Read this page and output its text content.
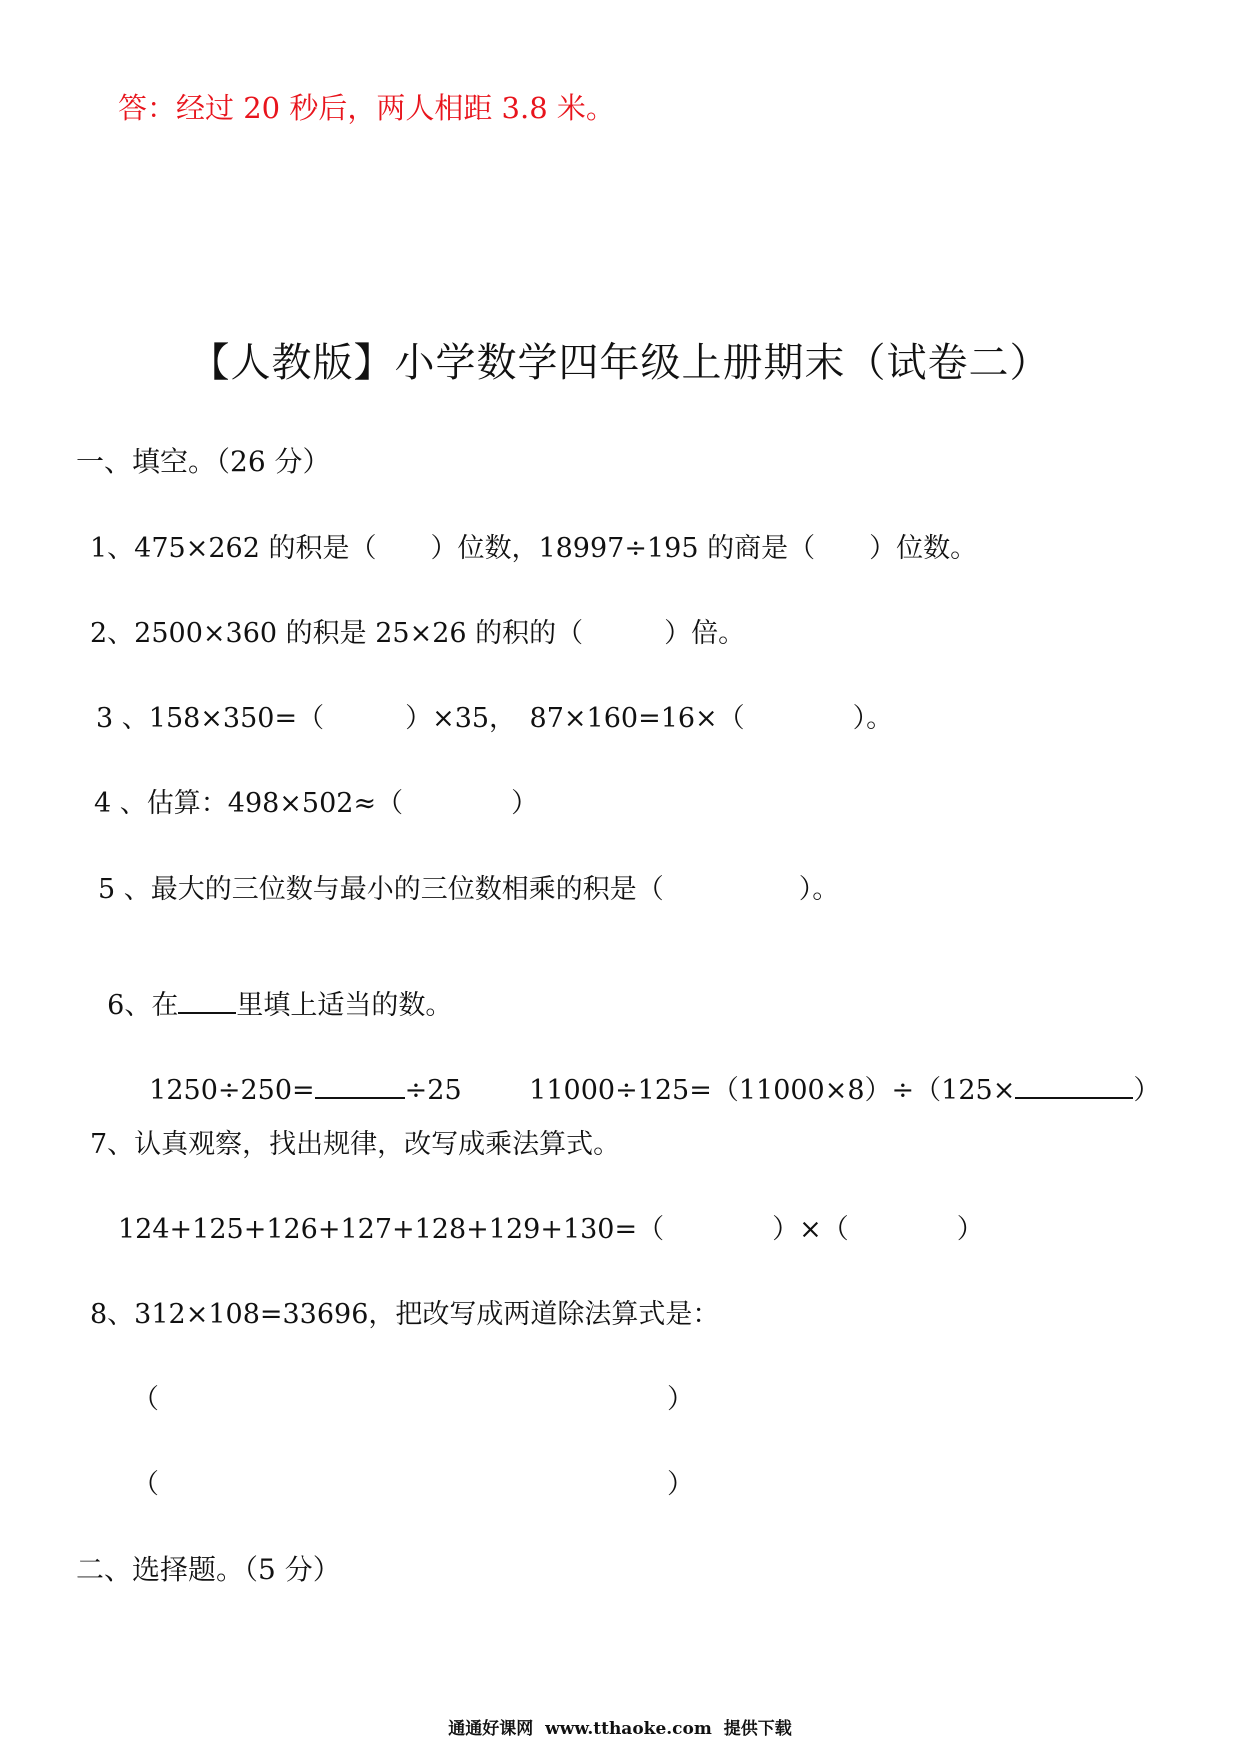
答：经过 20 秒后，两人相距 3.8 米。
【人教版】小学数学四年级上册期末（试卷二）
一、填空。（26 分）
1、475×262 的积是（　　）位数，18997÷195 的商是（　　）位数。
2、2500×360 的积是 25×26 的积的（　　　）倍。
3 、158×350=（　　　）×35，　87×160=16×（　　　　）。
4 、估算：498×502≈（　　　　）
5 、最大的三位数与最小的三位数相乘的积是（　　　　　）。

6、在 里填上适当的数。

1250÷250=	÷25	11000÷125=（11000×8）÷（125×	）

7、认真观察，找出规律，改写成乘法算式。
124+125+126+127+128+129+130=（　　　　）×（　　　　）
8、312×108=33696，把改写成两道除法算式是：
（	）
（	）
二、选择题。（5 分）
通通好课网  www.tthaoke.com  提供下载
